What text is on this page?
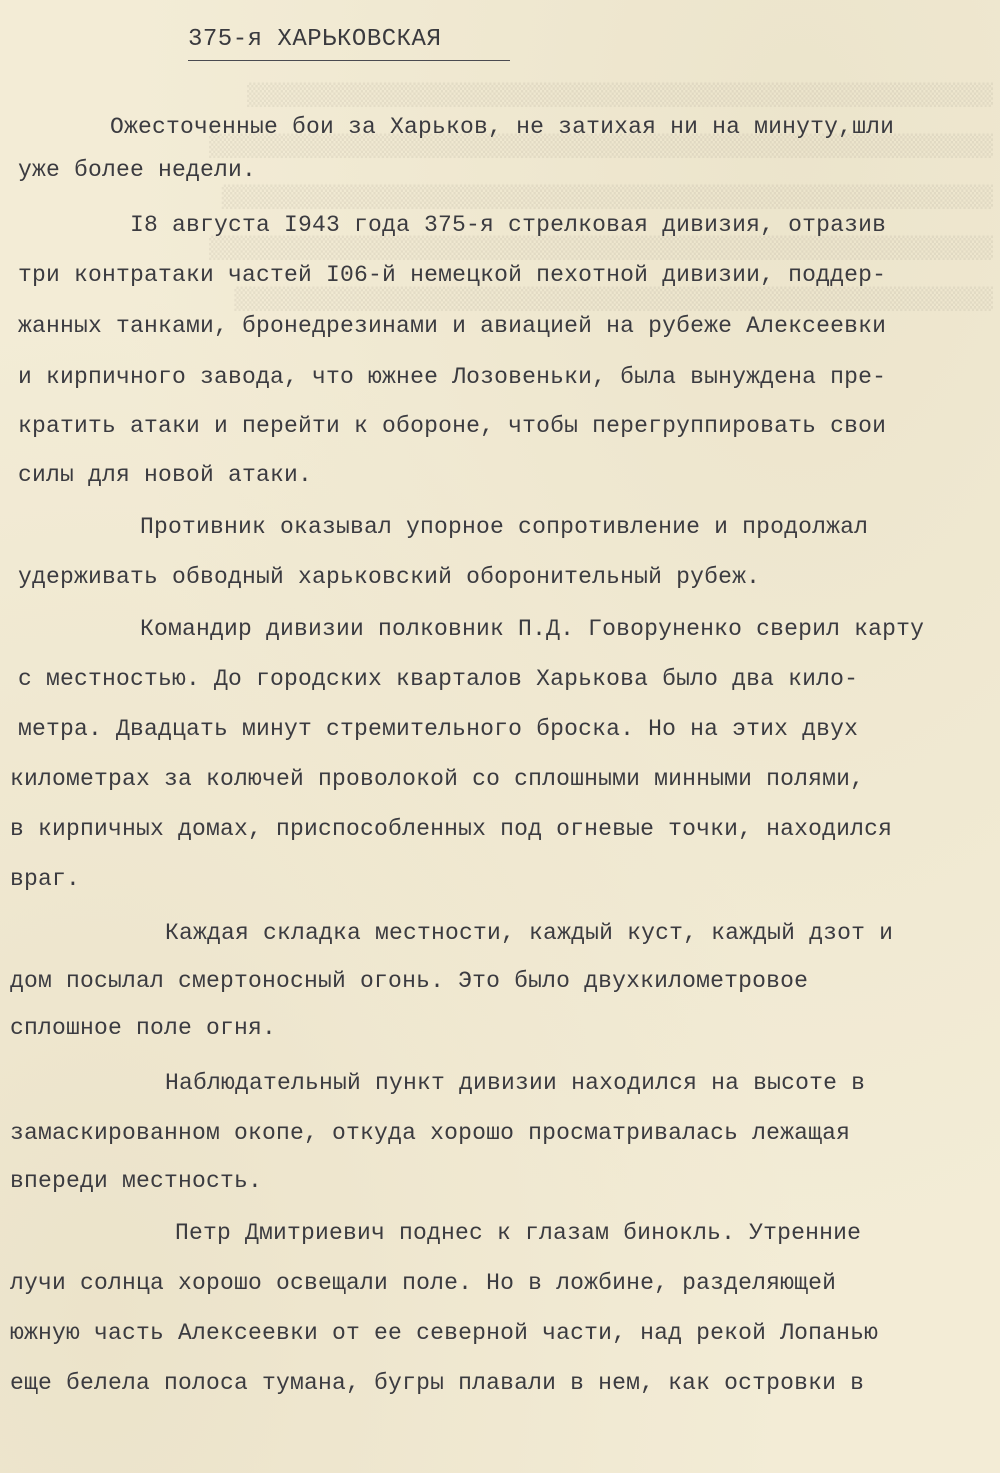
▒▒▒▒▒▒▒▒▒▒▒▒▒▒▒▒▒▒▒▒▒▒▒▒▒▒▒▒▒▒▒▒▒▒▒▒▒▒▒▒▒▒▒▒▒▒▒▒▒▒▒▒▒▒▒▒▒▒▒
▒▒▒▒▒▒▒▒▒▒▒▒▒▒▒▒▒▒▒▒▒▒▒▒▒▒▒▒▒▒▒▒▒▒▒▒▒▒▒▒▒▒▒▒▒▒▒▒▒▒▒▒▒▒▒▒▒▒▒▒▒▒
▒▒▒▒▒▒▒▒▒▒▒▒▒▒▒▒▒▒▒▒▒▒▒▒▒▒▒▒▒▒▒▒▒▒▒▒▒▒▒▒▒▒▒▒▒▒▒▒▒▒▒▒▒▒▒▒▒▒▒▒▒
▒▒▒▒▒▒▒▒▒▒▒▒▒▒▒▒▒▒▒▒▒▒▒▒▒▒▒▒▒▒▒▒▒▒▒▒▒▒▒▒▒▒▒▒▒▒▒▒▒▒▒▒▒▒▒▒▒▒▒▒▒▒
▒▒▒▒▒▒▒▒▒▒▒▒▒▒▒▒▒▒▒▒▒▒▒▒▒▒▒▒▒▒▒▒▒▒▒▒▒▒▒▒▒▒▒▒▒▒▒▒▒▒▒▒▒▒▒▒▒▒▒▒
375-я ХАРЬКОВСКАЯ
Ожесточенные бои за Харьков, не затихая ни на минуту,шли
уже более недели.
I8 августа I943 года 375-я стрелковая дивизия, отразив
три контратаки частей I06-й немецкой пехотной дивизии, поддер-
жанных танками, бронедрезинами и авиацией на рубеже Алексеевки
и кирпичного завода, что южнее Лозовеньки, была вынуждена пре-
кратить атаки и перейти к обороне, чтобы перегруппировать свои
силы для новой атаки.
Противник оказывал упорное сопротивление и продолжал
удерживать обводный харьковский оборонительный рубеж.
Командир дивизии полковник П.Д. Говоруненко сверил карту
с местностью. До городских кварталов Харькова было два кило-
метра. Двадцать минут стремительного броска. Но на этих двух
километрах за колючей проволокой со сплошными минными полями,
в кирпичных домах, приспособленных под огневые точки, находился
враг.
Каждая складка местности, каждый куст, каждый дзот и
дом посылал смертоносный огонь. Это было двухкилометровое
сплошное поле огня.
Наблюдательный пункт дивизии находился на высоте в
замаскированном окопе, откуда хорошо просматривалась лежащая
впереди местность.
Петр Дмитриевич поднес к глазам бинокль. Утренние
лучи солнца хорошо освещали поле. Но в ложбине, разделяющей
южную часть Алексеевки от ее северной части, над рекой Лопанью
еще белела полоса тумана, бугры плавали в нем, как островки в
